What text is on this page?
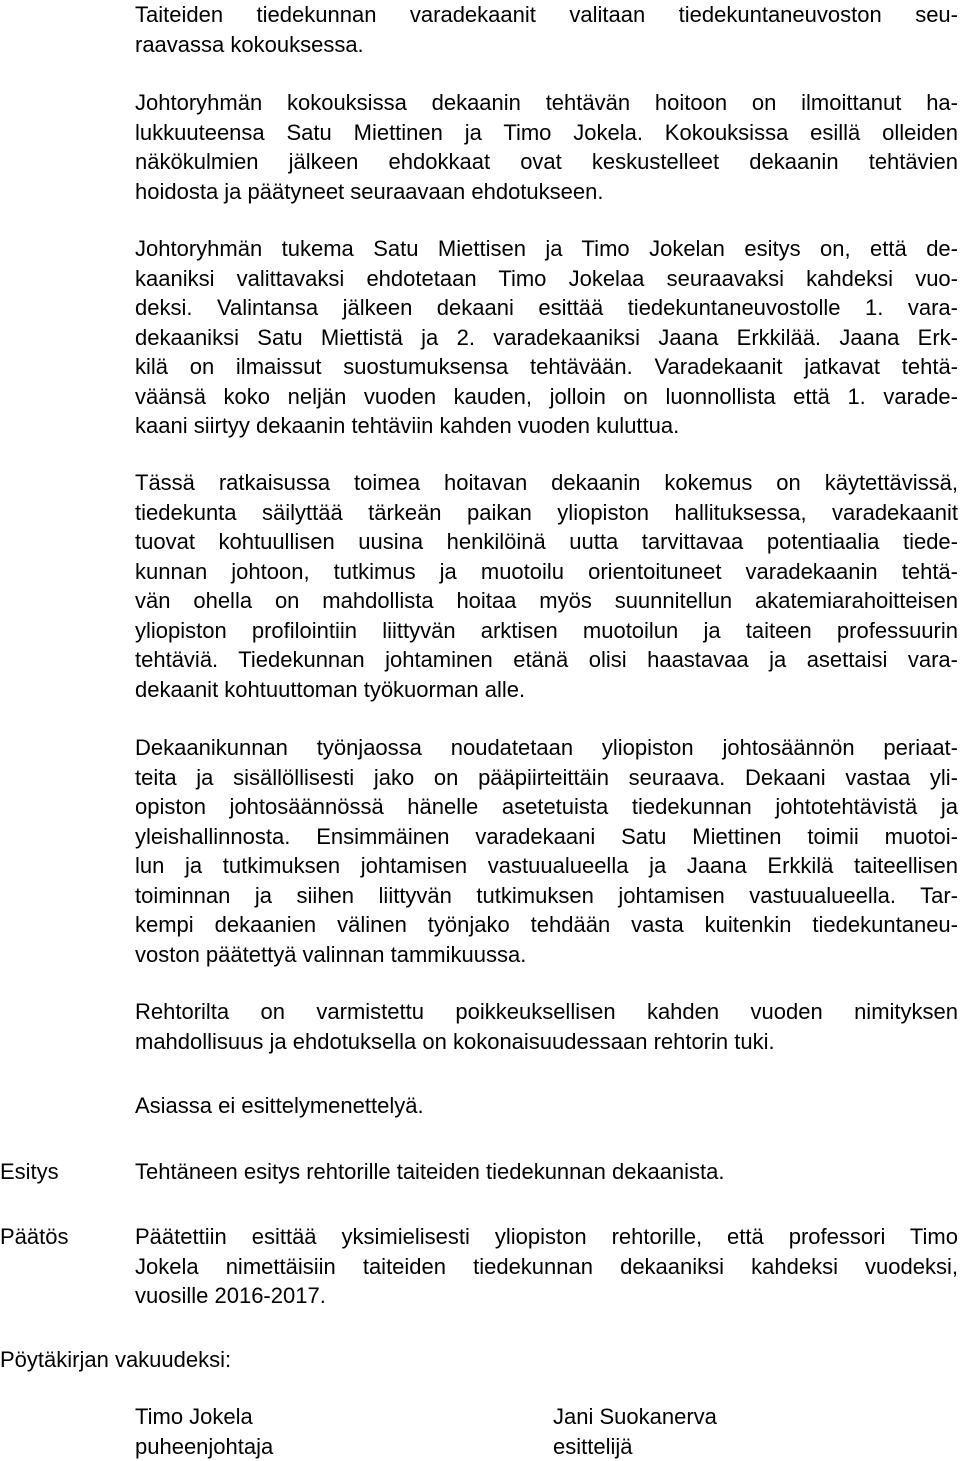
Taiteiden tiedekunnan varadekaanit valitaan tiedekuntaneuvoston seu-
raavassa kokouksessa.
Johtoryhmän kokouksissa dekaanin tehtävän hoitoon on ilmoittanut ha-
lukkuuteensa Satu Miettinen ja Timo Jokela. Kokouksissa esillä olleiden
näkökulmien jälkeen ehdokkaat ovat keskustelleet dekaanin tehtävien
hoidosta ja päätyneet seuraavaan ehdotukseen.
Johtoryhmän tukema Satu Miettisen ja Timo Jokelan esitys on, että de-
kaaniksi valittavaksi ehdotetaan Timo Jokelaa seuraavaksi kahdeksi vuo-
deksi. Valintansa jälkeen dekaani esittää tiedekuntaneuvostolle 1. vara-
dekaaniksi Satu Miettistä ja 2. varadekaaniksi Jaana Erkkilää. Jaana Erk-
kilä on ilmaissut suostumuksensa tehtävään. Varadekaanit jatkavat tehtä-
väänsä koko neljän vuoden kauden, jolloin on luonnollista että 1. varade-
kaani siirtyy dekaanin tehtäviin kahden vuoden kuluttua.
Tässä ratkaisussa toimea hoitavan dekaanin kokemus on käytettävissä,
tiedekunta säilyttää tärkeän paikan yliopiston hallituksessa, varadekaanit
tuovat kohtuullisen uusina henkilöinä uutta tarvittavaa potentiaalia tiede-
kunnan johtoon, tutkimus ja muotoilu orientoituneet varadekaanin tehtä-
vän ohella on mahdollista hoitaa myös suunnitellun akatemiarahoitteisen
yliopiston profilointiin liittyvän arktisen muotoilun ja taiteen professuurin
tehtäviä. Tiedekunnan johtaminen etänä olisi haastavaa ja asettaisi vara-
dekaanit kohtuuttoman työkuorman alle.
Dekaanikunnan työnjaossa noudatetaan yliopiston johtosäännön periaat-
teita ja sisällöllisesti jako on pääpiirteittäin seuraava. Dekaani vastaa yli-
opiston johtosäännössä hänelle asetetuista tiedekunnan johtotehtävistä ja
yleishallinnosta. Ensimmäinen varadekaani Satu Miettinen toimii muotoi-
lun ja tutkimuksen johtamisen vastuualueella ja Jaana Erkkilä taiteellisen
toiminnan ja siihen liittyvän tutkimuksen johtamisen vastuualueella. Tar-
kempi dekaanien välinen työnjako tehdään vasta kuitenkin tiedekuntaneu-
voston päätettyä valinnan tammikuussa.
Rehtorilta on varmistettu poikkeuksellisen kahden vuoden nimityksen
mahdollisuus ja ehdotuksella on kokonaisuudessaan rehtorin tuki.
Asiassa ei esittelymenettelyä.

Esitys	Tehtäneen esitys rehtorille taiteiden tiedekunnan dekaanista.

Päätös	Päätettiin esittää yksimielisesti yliopiston rehtorille, että professori Timo
Jokela nimettäisiin taiteiden tiedekunnan dekaaniksi kahdeksi vuodeksi,
vuosille 2016-2017.

Pöytäkirjan vakuudeksi:

Timo Jokela
puheenjohtaja
Jani Suokanerva
esittelijä
